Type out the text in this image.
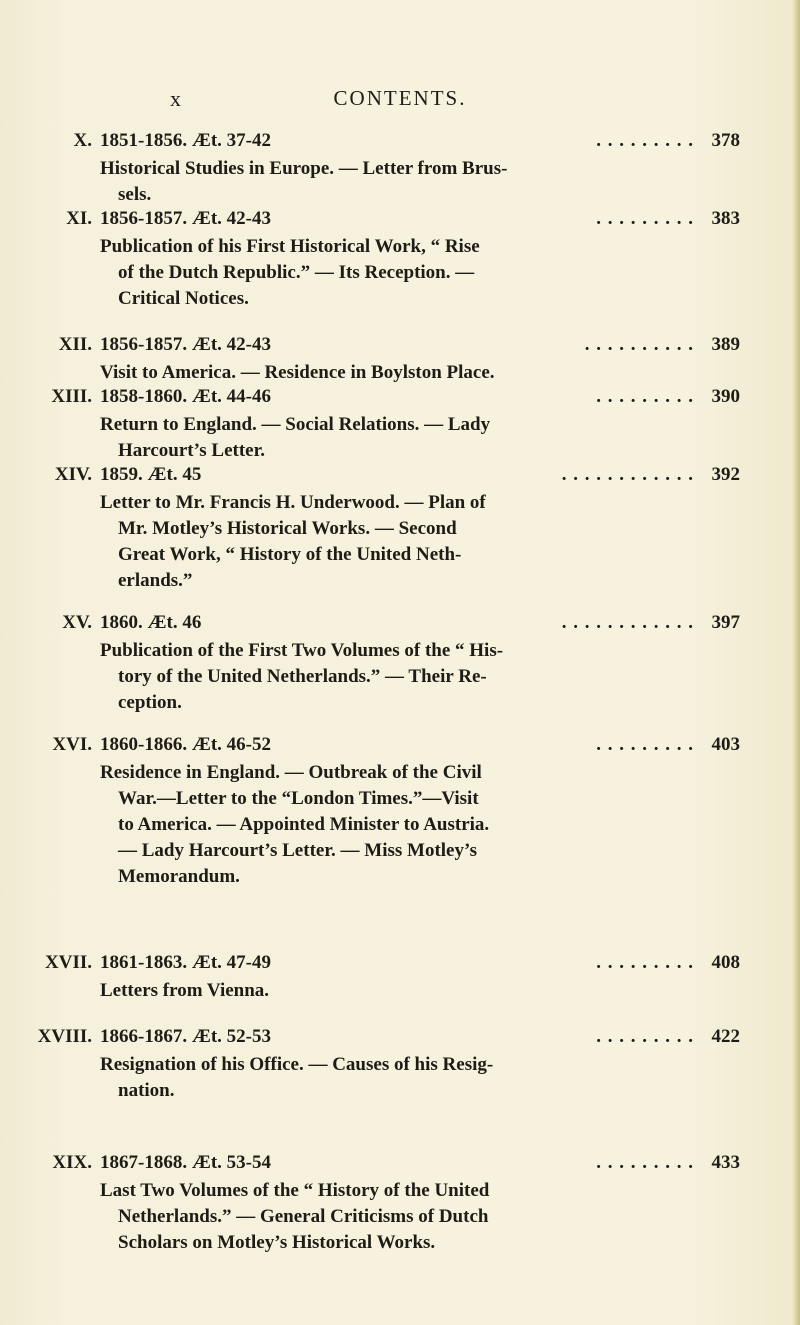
x	CONTENTS.
X. 1851-1856. Æt. 37-42	. . . . . . . . . 378
Historical Studies in Europe. — Letter from Brus-
sels.
XI. 1856-1857. Æt. 42-43	. . . . . . . . . 383
Publication of his First Historical Work, “ Rise
of the Dutch Republic.” — Its Reception. —
Critical Notices.
XII. 1856-1857. Æt. 42-43	. . . . . . . . . . 389
Visit to America. — Residence in Boylston Place.
XIII. 1858-1860. Æt. 44-46	. . . . . . . . . 390
Return to England. — Social Relations. — Lady
Harcourt’s Letter.
XIV. 1859. Æt. 45	. . . . . . . . . . . . 392
Letter to Mr. Francis H. Underwood. — Plan of
Mr. Motley’s Historical Works. — Second
Great Work, “ History of the United Neth-
erlands.”
XV. 1860. Æt. 46	. . . . . . . . . . . . 397
Publication of the First Two Volumes of the “ His-
tory of the United Netherlands.” — Their Re-
ception.
XVI. 1860-1866. Æt. 46-52	. . . . . . . . . 403
Residence in England. — Outbreak of the Civil
War.—Letter to the “London Times.”—Visit
to America. — Appointed Minister to Austria.
— Lady Harcourt’s Letter. — Miss Motley’s
Memorandum.
XVII. 1861-1863. Æt. 47-49	. . . . . . . . . 408
Letters from Vienna.
XVIII. 1866-1867. Æt. 52-53	. . . . . . . . . 422
Resignation of his Office. — Causes of his Resig-
nation.
XIX. 1867-1868. Æt. 53-54	. . . . . . . . . 433
Last Two Volumes of the “ History of the United
Netherlands.” — General Criticisms of Dutch
Scholars on Motley’s Historical Works.
